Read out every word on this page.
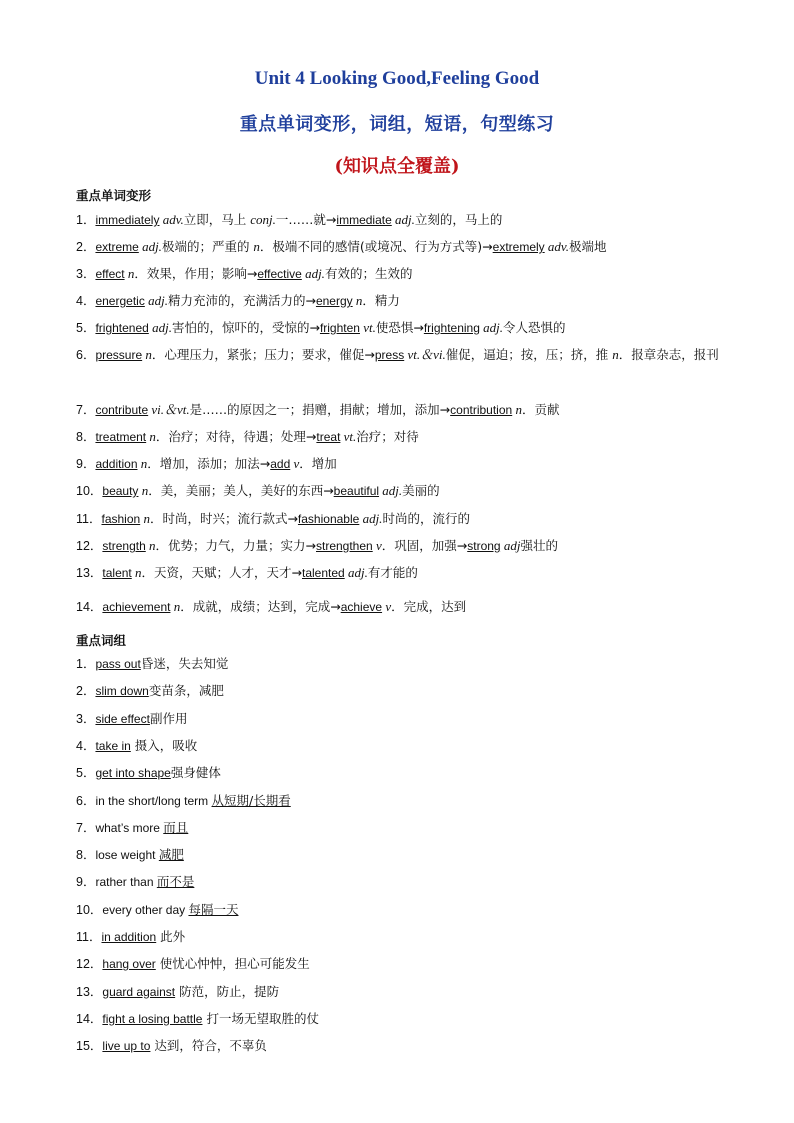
Unit 4 Looking Good,Feeling Good
重点单词变形，词组，短语，句型练习
(知识点全覆盖)
重点单词变形
1．immediately adv.立即，马上 conj.一……就→immediate adj.立刻的，马上的
2．extreme adj.极端的；严重的 n．极端不同的感情(或境况、行为方式等)→extremely adv.极端地
3．effect n．效果，作用；影响→effective adj.有效的；生效的
4．energetic adj.精力充沛的，充满活力的→energy n．精力
5．frightened adj.害怕的，惊吓的，受惊的→frighten vt.使恐惧→frightening adj.令人恐惧的
6．pressure n．心理压力，紧张；压力；要求，催促→press vt.＆vi.催促，逼迫；按，压；挤，推 n．报章杂志，报刊
7．contribute vi.＆vt.是……的原因之一；捐赠，捐献；增加，添加→contribution n．贡献
8．treatment n．治疗；对待，待遇；处理→treat vt.治疗；对待
9．addition n．增加，添加；加法→add v．增加
10．beauty n．美，美丽；美人，美好的东西→beautiful adj.美丽的
11．fashion n．时尚，时兴；流行款式→fashionable adj.时尚的，流行的
12．strength n．优势；力气，力量；实力→strengthen v．巩固，加强→strong adj强壮的
13．talent n．天资，天赋；人才，天才→talented adj.有才能的
14．achievement n．成就，成绩；达到，完成→achieve v．完成，达到
重点词组
1．pass out昏迷，失去知觉
2．slim down变苗条，减肥
3．side effect副作用
4．take in 摄入，吸收
5．get into shape强身健体
6．in the short/long term 从短期/长期看
7．what’s more 而且
8．lose weight 减肥
9．rather than 而不是
10．every other day 每隔一天
11．in addition 此外
12．hang over 使忧心忡忡，担心可能发生
13．guard against 防范，防止，提防
14．fight a losing battle 打一场无望取胜的仗
15．live up to 达到，符合，不辜负
